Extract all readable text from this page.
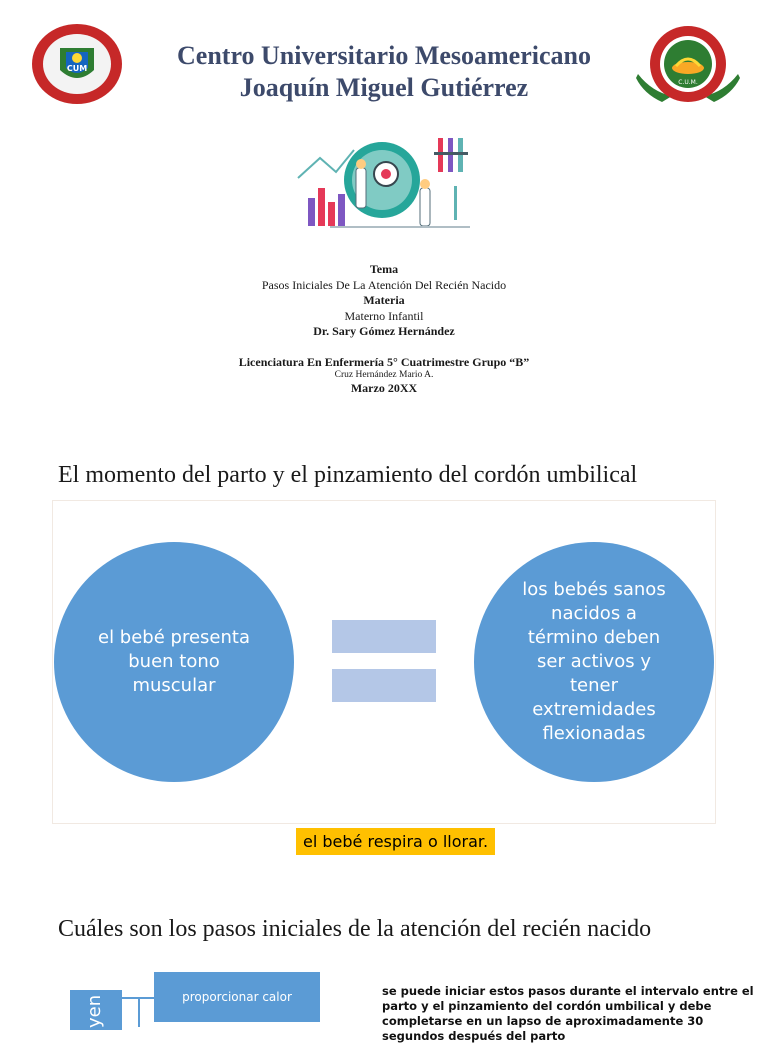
CUM	Centro Universitario Mesoamericano
Joaquín Miguel Gutiérrez	C.U.M.
Tema
Pasos Iniciales De La Atención Del Recién Nacido
Materia
Materno Infantil
Dr. Sary Gómez Hernández
Licenciatura En Enfermería 5° Cuatrimestre Grupo “B”
Cruz Hernández Mario A.
Marzo 20XX
El momento del parto y el pinzamiento del cordón umbilical
el bebé presenta buen tono muscular
los bebés sanos nacidos a término deben ser activos y tener extremidades flexionadas
el bebé respira o llorar.
Cuáles son los pasos iniciales de la atención del recién nacido
yen	proporcionar calor	se puede iniciar estos pasos durante el intervalo entre el parto y el pinzamiento del cordón umbilical y debe completarse en un lapso de aproximadamente 30 segundos después del parto
